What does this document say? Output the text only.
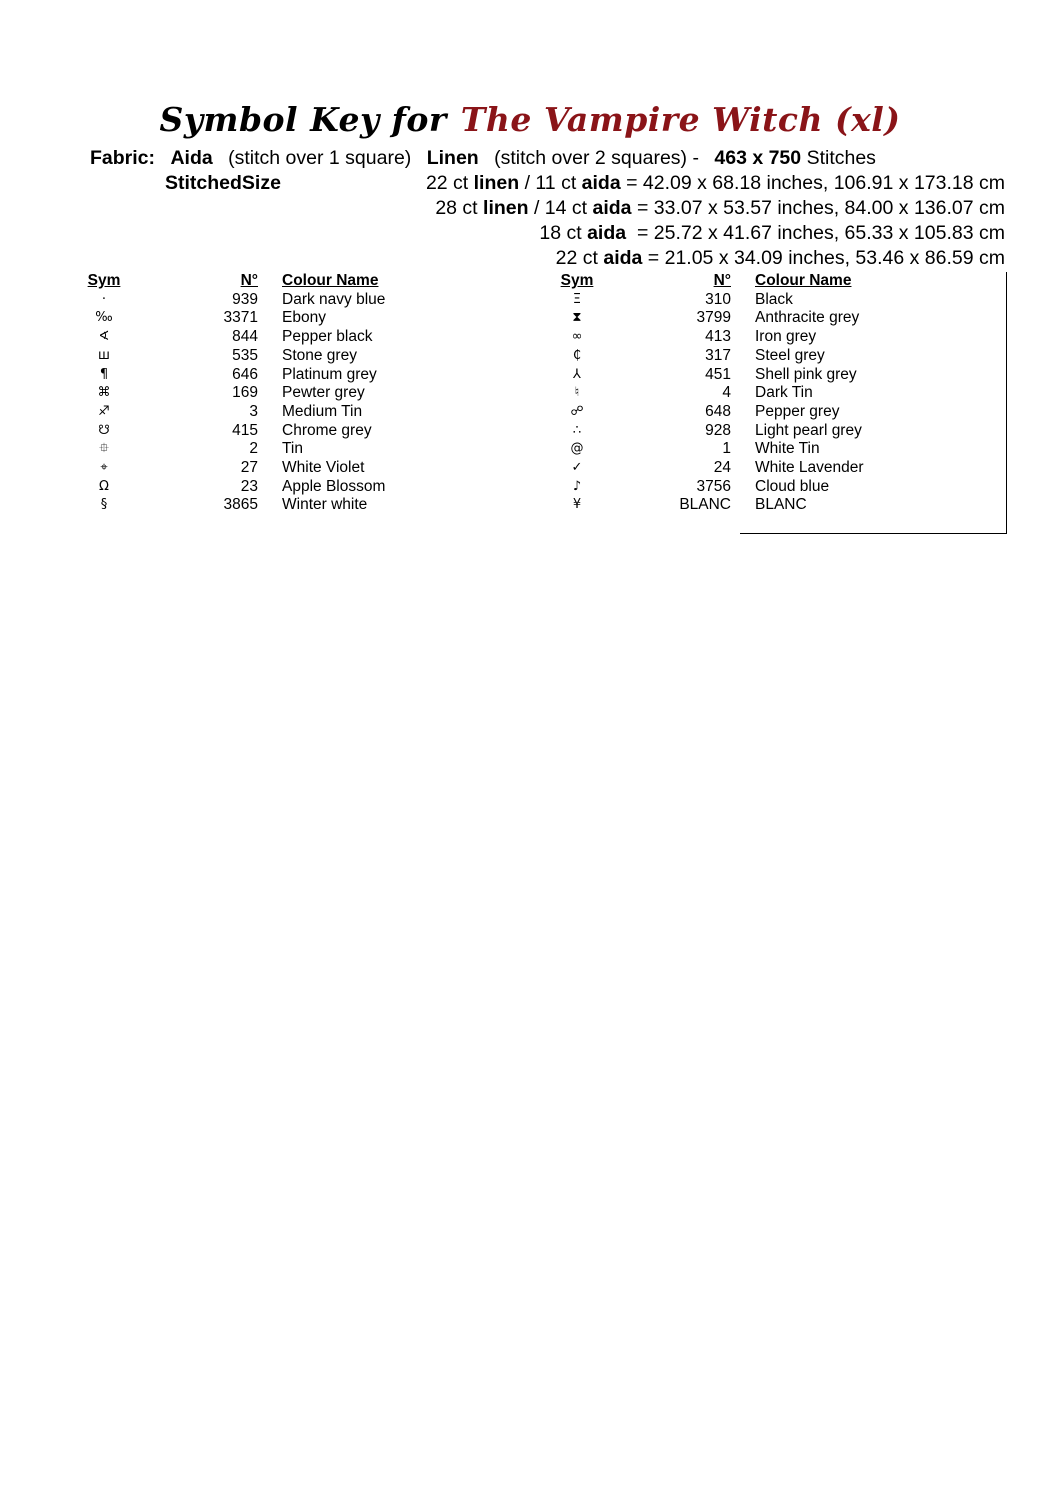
Symbol Key for The Vampire Witch (xl)
Fabric: Aida (stitch over 1 square) Linen (stitch over 2 squares) - 463 x 750 Stitches
StitchedSize	22 ct linen / 11 ct aida = 42.09 x 68.18 inches, 106.91 x 173.18 cm
28 ct linen / 14 ct aida = 33.07 x 53.57 inches, 84.00 x 136.07 cm
18 ct aida  = 25.72 x 41.67 inches, 65.33 x 105.83 cm
22 ct aida = 21.05 x 34.09 inches, 53.46 x 86.59 cm
Sym	N°	Colour Name
·	939	Dark navy blue
‰	3371	Ebony
∢	844	Pepper black
ш	535	Stone grey
¶	646	Platinum grey
⌘	169	Pewter grey
♐	3	Medium Tin
☋	415	Chrome grey
⯐	2	Tin
⌖	27	White Violet
Ω	23	Apple Blossom
§	3865	Winter white
Sym	N°	Colour Name
Ξ	310	Black
⧗	3799	Anthracite grey
∞	413	Iron grey
₵	317	Steel grey
⅄	451	Shell pink grey
♮	4	Dark Tin
☍	648	Pepper grey
∴	928	Light pearl grey
@	1	White Tin
✓	24	White Lavender
♪	3756	Cloud blue
¥	BLANC	BLANC
